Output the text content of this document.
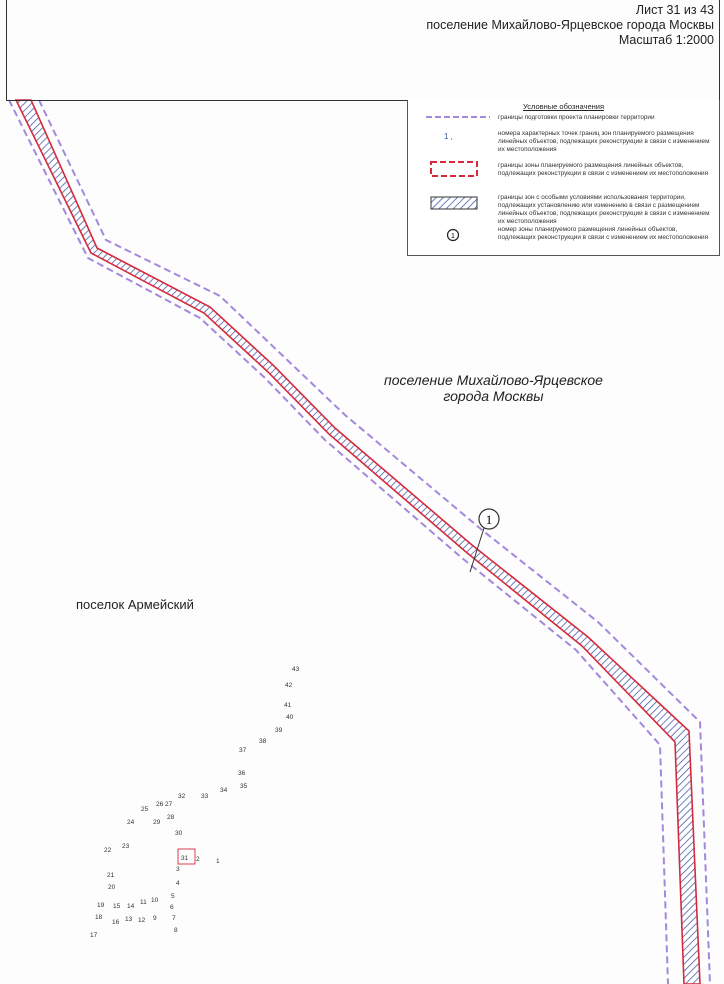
1
Лист 31 из 43
поселение Михайлово-Ярцевское города Москвы
Масштаб 1:2000
Условные обозначения
границы подготовки проекта планировки территории
1 ,	номера характерных точек границ зон планируемого размещения линейных объектов, подлежащих реконструкции в связи с изменением их местоположения
границы зоны планируемого размещения линейных объектов, подлежащих реконструкции в связи с изменением их местоположения
границы зон с особыми условиями использования территории, подлежащих установлению или изменению в связи с размещением линейных объектов, подлежащих реконструкции в связи с изменением их местоположения
1
номер зоны планируемого размещения линейных объектов, подлежащих реконструкции в связи с изменением их местоположения
поселение Михайлово-Ярцевское
города Москвы
поселок Армейский
1
2
3
4
5
6
7
8
9
10
11
12
13
14
15
16
17
18
19
20
21
22
23
24
25
26 27
28
29
30
31
32 33
34
35
36
37
38
39
40
41
42
43
